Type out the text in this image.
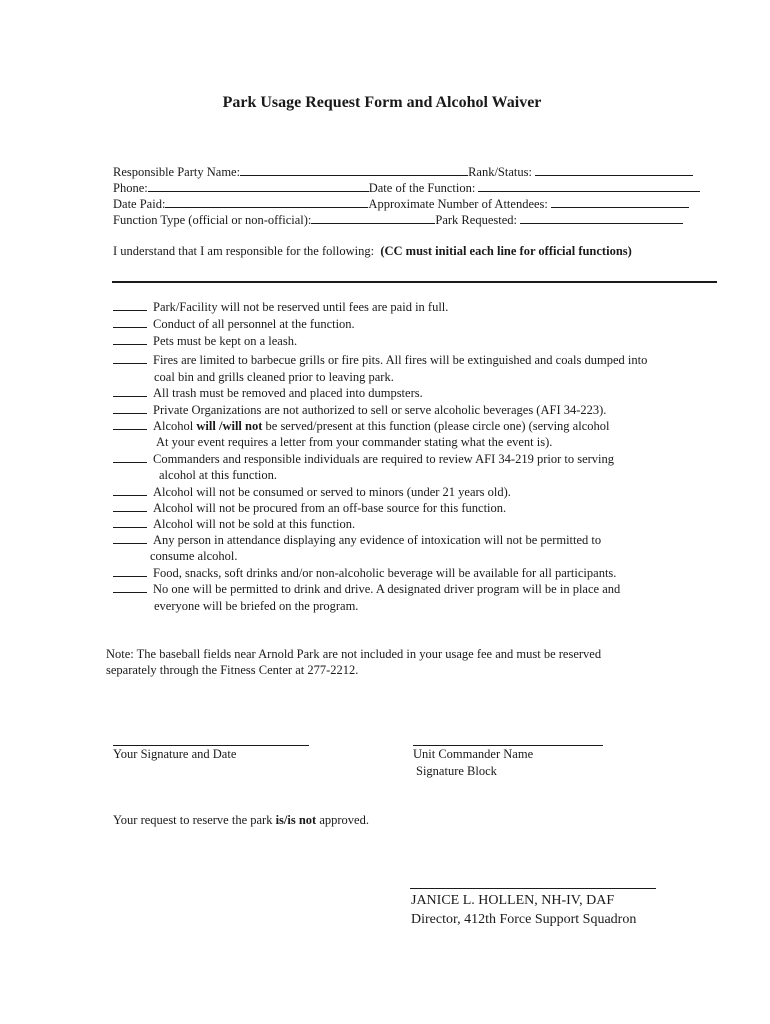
Park Usage Request Form and Alcohol Waiver
Responsible Party Name:	Rank/Status:
Phone:	Date of the Function:
Date Paid:	Approximate Number of Attendees:
Function Type (official or non-official):	Park Requested:
I understand that I am responsible for the following: (CC must initial each line for official functions)
Park/Facility will not be reserved until fees are paid in full.
Conduct of all personnel at the function.
Pets must be kept on a leash.
Fires are limited to barbecue grills or fire pits. All fires will be extinguished and coals dumped into
coal bin and grills cleaned prior to leaving park.
All trash must be removed and placed into dumpsters.
Private Organizations are not authorized to sell or serve alcoholic beverages (AFI 34-223).
Alcohol will /will not be served/present at this function (please circle one) (serving alcohol
At your event requires a letter from your commander stating what the event is).
Commanders and responsible individuals are required to review AFI 34-219 prior to serving
alcohol at this function.
Alcohol will not be consumed or served to minors (under 21 years old).
Alcohol will not be procured from an off-base source for this function.
Alcohol will not be sold at this function.
Any person in attendance displaying any evidence of intoxication will not be permitted to
consume alcohol.
Food, snacks, soft drinks and/or non-alcoholic beverage will be available for all participants.
No one will be permitted to drink and drive. A designated driver program will be in place and
everyone will be briefed on the program.
Note: The baseball fields near Arnold Park are not included in your usage fee and must be reserved
separately through the Fitness Center at 277-2212.
Your Signature and Date	Unit Commander Name
Signature Block
Your request to reserve the park is/is not approved.
JANICE L. HOLLEN, NH-IV, DAF
Director, 412th Force Support Squadron
